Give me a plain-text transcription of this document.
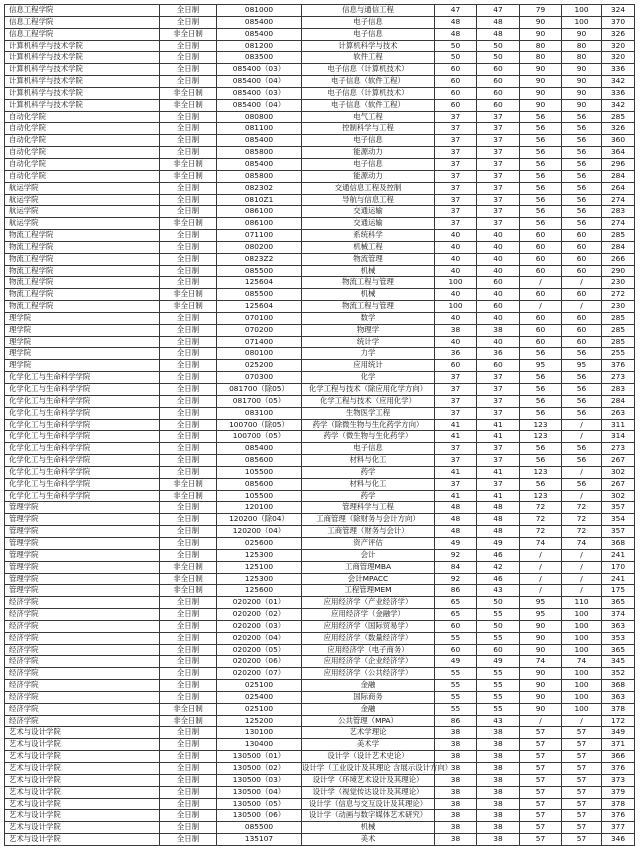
信息工程学院	全日制	081000	信息与通信工程	47	47	79	100	324
信息工程学院	全日制	085400	电子信息	48	48	90	100	370
信息工程学院	非全日制	085400	电子信息	48	48	90	90	326
计算机科学与技术学院	全日制	081200	计算机科学与技术	50	50	80	80	320
计算机科学与技术学院	全日制	083500	软件工程	50	50	80	80	320
计算机科学与技术学院	全日制	085400（03）	电子信息（计算机技术）	60	60	90	90	336
计算机科学与技术学院	全日制	085400（04）	电子信息（软件工程）	60	60	90	90	342
计算机科学与技术学院	非全日制	085400（03）	电子信息（计算机技术）	60	60	90	90	336
计算机科学与技术学院	非全日制	085400（04）	电子信息（软件工程）	60	60	90	90	342
自动化学院	全日制	080800	电气工程	37	37	56	56	285
自动化学院	全日制	081100	控制科学与工程	37	37	56	56	326
自动化学院	全日制	085400	电子信息	37	37	56	56	360
自动化学院	全日制	085800	能源动力	37	37	56	56	364
自动化学院	非全日制	085400	电子信息	37	37	56	56	296
自动化学院	非全日制	085800	能源动力	37	37	56	56	284
航运学院	全日制	082302	交通信息工程及控制	37	37	56	56	264
航运学院	全日制	0810Z1	导航与信息工程	37	37	56	56	274
航运学院	全日制	086100	交通运输	37	37	56	56	283
航运学院	非全日制	086100	交通运输	37	37	56	56	274
物流工程学院	全日制	071100	系统科学	40	40	60	60	285
物流工程学院	全日制	080200	机械工程	40	40	60	60	284
物流工程学院	全日制	0823Z2	物流管理	40	40	60	60	266
物流工程学院	全日制	085500	机械	40	40	60	60	290
物流工程学院	全日制	125604	物流工程与管理	100	60	/	/	230
物流工程学院	非全日制	085500	机械	40	40	60	60	272
物流工程学院	非全日制	125604	物流工程与管理	100	60	/	/	230
理学院	全日制	070100	数学	40	40	60	60	285
理学院	全日制	070200	物理学	38	38	60	60	285
理学院	全日制	071400	统计学	40	40	60	60	285
理学院	全日制	080100	力学	36	36	56	56	255
理学院	全日制	025200	应用统计	60	60	95	95	376
化学化工与生命科学学院	全日制	070300	化学	37	37	56	56	273
化学化工与生命科学学院	全日制	081700（除05）	化学工程与技术（除应用化学方向）	37	37	56	56	283
化学化工与生命科学学院	全日制	081700（05）	化学工程与技术（应用化学）	37	37	56	56	284
化学化工与生命科学学院	全日制	083100	生物医学工程	37	37	56	56	263
化学化工与生命科学学院	全日制	100700（除05）	药学（除微生物与生化药学方向）	41	41	123	/	311
化学化工与生命科学学院	全日制	100700（05）	药学（微生物与生化药学）	41	41	123	/	314
化学化工与生命科学学院	全日制	085400	电子信息	37	37	56	56	273
化学化工与生命科学学院	全日制	085600	材料与化工	37	37	56	56	267
化学化工与生命科学学院	全日制	105500	药学	41	41	123	/	302
化学化工与生命科学学院	非全日制	085600	材料与化工	37	37	56	56	267
化学化工与生命科学学院	非全日制	105500	药学	41	41	123	/	302
管理学院	全日制	120100	管理科学与工程	48	48	72	72	357
管理学院	全日制	120200（除04）	工商管理（除财务与会计方向）	48	48	72	72	354
管理学院	全日制	120200（04）	工商管理（财务与会计）	48	48	72	72	357
管理学院	全日制	025600	资产评估	49	49	74	74	368
管理学院	全日制	125300	会计	92	46	/	/	241
管理学院	非全日制	125100	工商管理MBA	84	42	/	/	170
管理学院	非全日制	125300	会计MPACC	92	46	/	/	241
管理学院	非全日制	125600	工程管理MEM	86	43	/	/	175
经济学院	全日制	020200（01）	应用经济学（产业经济学）	65	50	95	110	365
经济学院	全日制	020200（02）	应用经济学（金融学）	65	55	95	100	374
经济学院	全日制	020200（03）	应用经济学（国际贸易学）	60	50	90	100	363
经济学院	全日制	020200（04）	应用经济学（数量经济学）	55	55	90	100	353
经济学院	全日制	020200（05）	应用经济学（电子商务）	60	60	90	100	365
经济学院	全日制	020200（06）	应用经济学（企业经济学）	49	49	74	74	345
经济学院	全日制	020200（07）	应用经济学（公共经济学）	55	55	90	100	352
经济学院	全日制	025100	金融	55	55	90	100	368
经济学院	全日制	025400	国际商务	55	55	90	100	363
经济学院	非全日制	025100	金融	55	55	90	100	378
经济学院	非全日制	125200	公共管理（MPA）	86	43	/	/	172
艺术与设计学院	全日制	130100	艺术学理论	38	38	57	57	349
艺术与设计学院	全日制	130400	美术学	38	38	57	57	371
艺术与设计学院	全日制	130500（01）	设计学（设计艺术史论）	38	38	57	57	366
艺术与设计学院	全日制	130500（02）	设计学（工业设计及其理论 含展示设计方向）	38	38	57	57	376
艺术与设计学院	全日制	130500（03）	设计学（环境艺术设计及其理论）	38	38	57	57	373
艺术与设计学院	全日制	130500（04）	设计学（视觉传达设计及其理论）	38	38	57	57	379
艺术与设计学院	全日制	130500（05）	设计学（信息与交互设计及其理论）	38	38	57	57	378
艺术与设计学院	全日制	130500（06）	设计学（动画与数字媒体艺术研究）	38	38	57	57	376
艺术与设计学院	全日制	085500	机械	38	38	57	57	377
艺术与设计学院	全日制	135107	美术	38	38	57	57	346
